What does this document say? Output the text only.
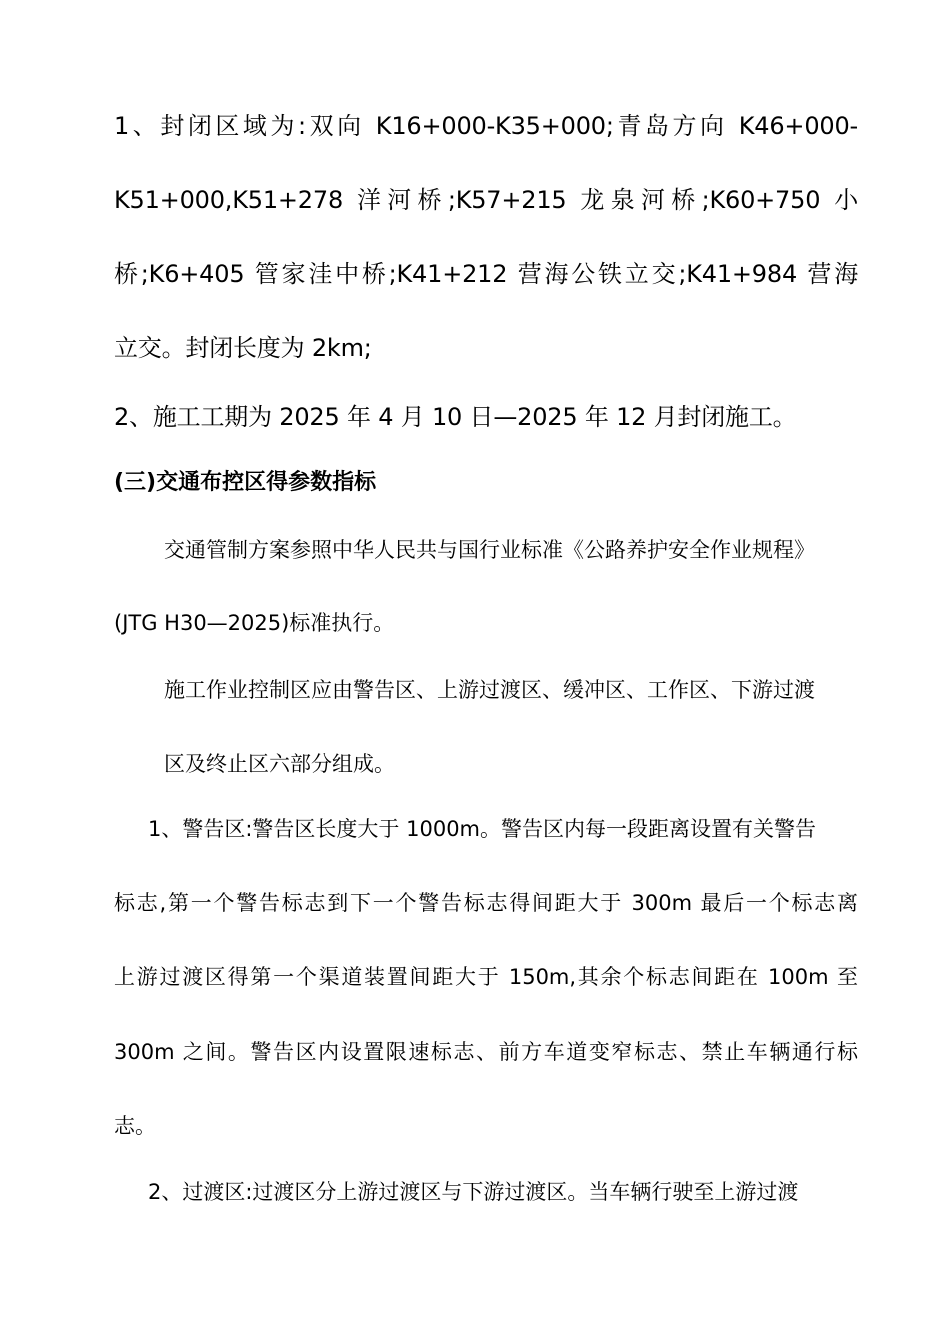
1、封闭区域为:双向 K16+000-K35+000;青岛方向 K46+000-

K51+000,K51+278 洋河桥;K57+215 龙泉河桥;K60+750 小

桥;K6+405 管家洼中桥;K41+212 营海公铁立交;K41+984 营海

立交。封闭长度为 2km;

2、施工工期为 2025 年 4 月 10 日—2025 年 12 月封闭施工。

(三)交通布控区得参数指标

交通管制方案参照中华人民共与国行业标准《公路养护安全作业规程》

(JTG H30—2025)标准执行。

施工作业控制区应由警告区、上游过渡区、缓冲区、工作区、下游过渡

区及终止区六部分组成。

1、警告区:警告区长度大于 1000m。警告区内每一段距离设置有关警告

标志,第一个警告标志到下一个警告标志得间距大于 300m 最后一个标志离

上游过渡区得第一个渠道装置间距大于 150m,其余个标志间距在 100m 至

300m 之间。警告区内设置限速标志、前方车道变窄标志、禁止车辆通行标

志。

2、过渡区:过渡区分上游过渡区与下游过渡区。当车辆行驶至上游过渡
